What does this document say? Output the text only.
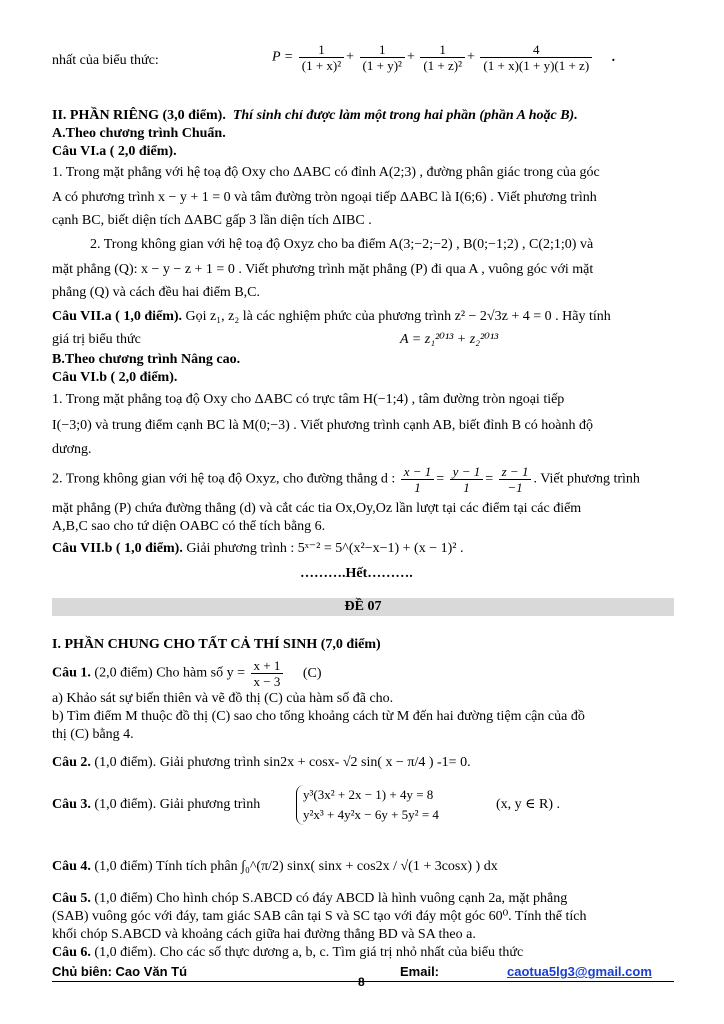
nhất của biểu thức:	$P = \frac{1}{\text{(1 + x)²}} + \frac{1}{\text{(1 + y)²}} + \frac{1}{\text{(1 + z)²}} + \frac{4}{(1 + x)(1 + y)(1 + z)}$ .
II. PHẦN RIÊNG (3,0 điểm). Thí sinh chỉ được làm một trong hai phần (phần A hoặc B).
A.Theo chương trình Chuẩn.
Câu VI.a ( 2,0 điểm).
1. Trong mặt phẳng với hệ toạ độ Oxy cho ΔABC có đỉnh A(2;3) , đường phân giác trong của góc
A có phương trình x − y + 1 = 0 và tâm đường tròn ngoại tiếp ΔABC là I(6;6) . Viết phương trình
cạnh BC, biết diện tích ΔABC gấp 3 lần diện tích ΔIBC .
2. Trong không gian với hệ toạ độ Oxyz cho ba điểm A(3;−2;−2) , B(0;−1;2) , C(2;1;0) và
mặt phẳng (Q): x − y − z + 1 = 0 . Viết phương trình mặt phẳng (P) đi qua A , vuông góc với mặt
phẳng (Q) và cách đều hai điểm B,C.
Câu VII.a ( 1,0 điểm). Gọi z₁, z₂ là các nghiệm phức của phương trình z² − 2√3z + 4 = 0 . Hãy tính
giá trị biểu thức	A = z₁²⁰¹³ + z₂²⁰¹³
B.Theo chương trình Nâng cao.
Câu VI.b ( 2,0 điểm).
1. Trong mặt phẳng toạ độ Oxy cho ΔABC có trực tâm H(−1;4) , tâm đường tròn ngoại tiếp
I(−3;0) và trung điểm cạnh BC là M(0;−3) . Viết phương trình cạnh AB, biết đỉnh B có hoành độ
dương.
2. Trong không gian với hệ toạ độ Oxyz, cho đường thẳng d : $\frac{x - 1}{1} = \frac{y - 1}{1} = \frac{z - 1}{-1}$ . Viết phương trình
mặt phẳng (P) chứa đường thẳng (d) và cắt các tia Ox,Oy,Oz lần lượt tại các điểm tại các điểm
A,B,C sao cho tứ diện OABC có thể tích bằng 6.
Câu VII.b ( 1,0 điểm). Giải phương trình : 5ˣ⁻² = 5^(x²−x−1) + (x − 1)² .
……….Hết……….
ĐỀ 07
I. PHẦN CHUNG CHO TẤT CẢ THÍ SINH (7,0 điểm)
Câu 1. (2,0 điểm) Cho hàm số $y = \frac{x + 1}{x - 3} (C)$
a) Khảo sát sự biến thiên và vẽ đồ thị (C) của hàm số đã cho.
b) Tìm điểm M thuộc đồ thị (C) sao cho tổng khoảng cách từ M đến hai đường tiệm cận của đồ
thị (C) bằng 4.
Câu 2. (1,0 điểm). Giải phương trình sin2x + cosx- √2 sin( x − π/4 ) -1= 0.
Câu 3. (1,0 điểm). Giải phương trình
y³(3x² + 2x − 1) + 4y = 8
y²x³ + 4y²x − 6y + 5y² = 4
(x, y ∈ R) .
Câu 4. (1,0 điểm) Tính tích phân ∫₀^(π/2) sinx( sinx + cos2x / √(1 + 3cosx) ) dx
Câu 5. (1,0 điểm) Cho hình chóp S.ABCD có đáy ABCD là hình vuông cạnh 2a, mặt phẳng
(SAB) vuông góc với đáy, tam giác SAB cân tại S và SC tạo với đáy một góc 60⁰. Tính thể tích
khối chóp S.ABCD và khoảng cách giữa hai đường thẳng BD và SA theo a.
Câu 6. (1,0 điểm). Cho các số thực dương a, b, c. Tìm giá trị nhỏ nhất của biểu thức
Chủ biên: Cao Văn Tú	Email:	caotua5lg3@gmail.com
8
